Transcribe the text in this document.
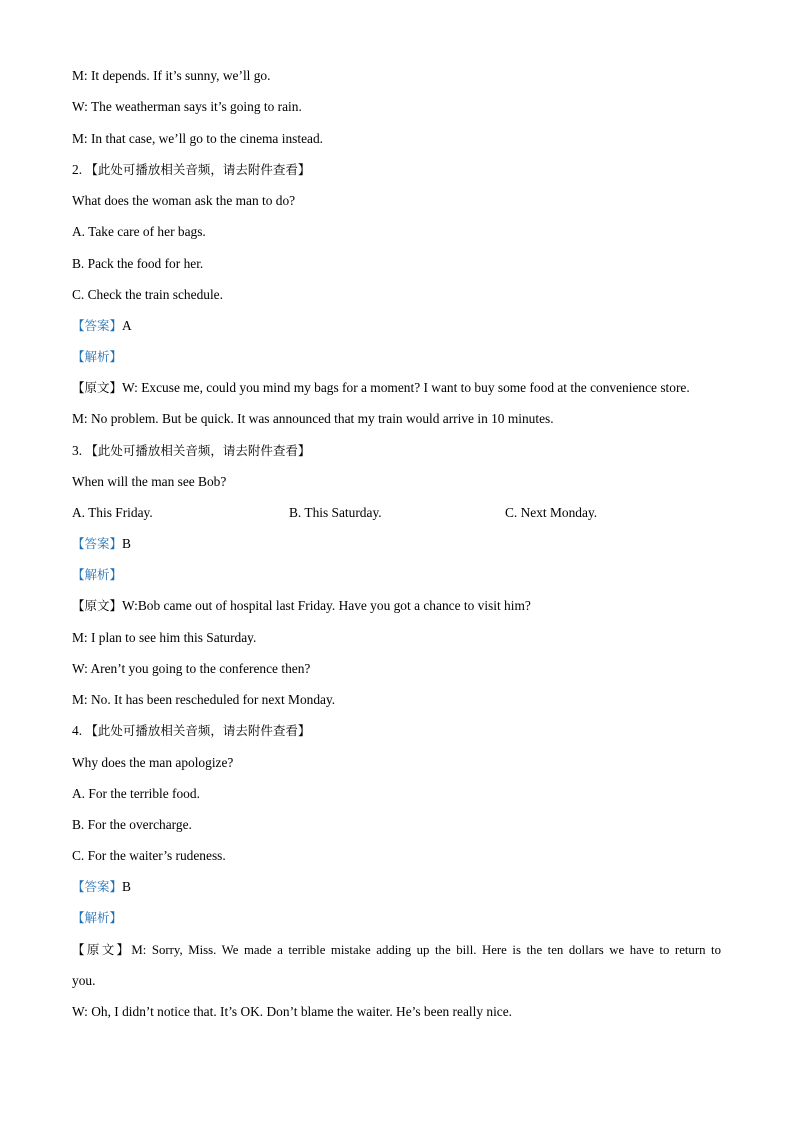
M: It depends. If it’s sunny, we’ll go.
W: The weatherman says it’s going to rain.
M: In that case, we’ll go to the cinema instead.
2. 【此处可播放相关音频，请去附件查看】
What does the woman ask the man to do?
A. Take care of her bags.
B. Pack the food for her.
C. Check the train schedule.
【答案】A
【解析】
【原文】W: Excuse me, could you mind my bags for a moment? I want to buy some food at the convenience store.
M: No problem. But be quick. It was announced that my train would arrive in 10 minutes.
3. 【此处可播放相关音频，请去附件查看】
When will the man see Bob?
A. This Friday.	B. This Saturday.	C. Next Monday.
【答案】B
【解析】
【原文】W:Bob came out of hospital last Friday. Have you got a chance to visit him?
M: I plan to see him this Saturday.
W: Aren’t you going to the conference then?
M: No. It has been rescheduled for next Monday.
4. 【此处可播放相关音频，请去附件查看】
Why does the man apologize?
A. For the terrible food.
B. For the overcharge.
C. For the waiter’s rudeness.
【答案】B
【解析】
【原文】M: Sorry, Miss. We made a terrible mistake adding up the bill. Here is the ten dollars we have to return to
you.
W: Oh, I didn’t notice that. It’s OK. Don’t blame the waiter. He’s been really nice.
